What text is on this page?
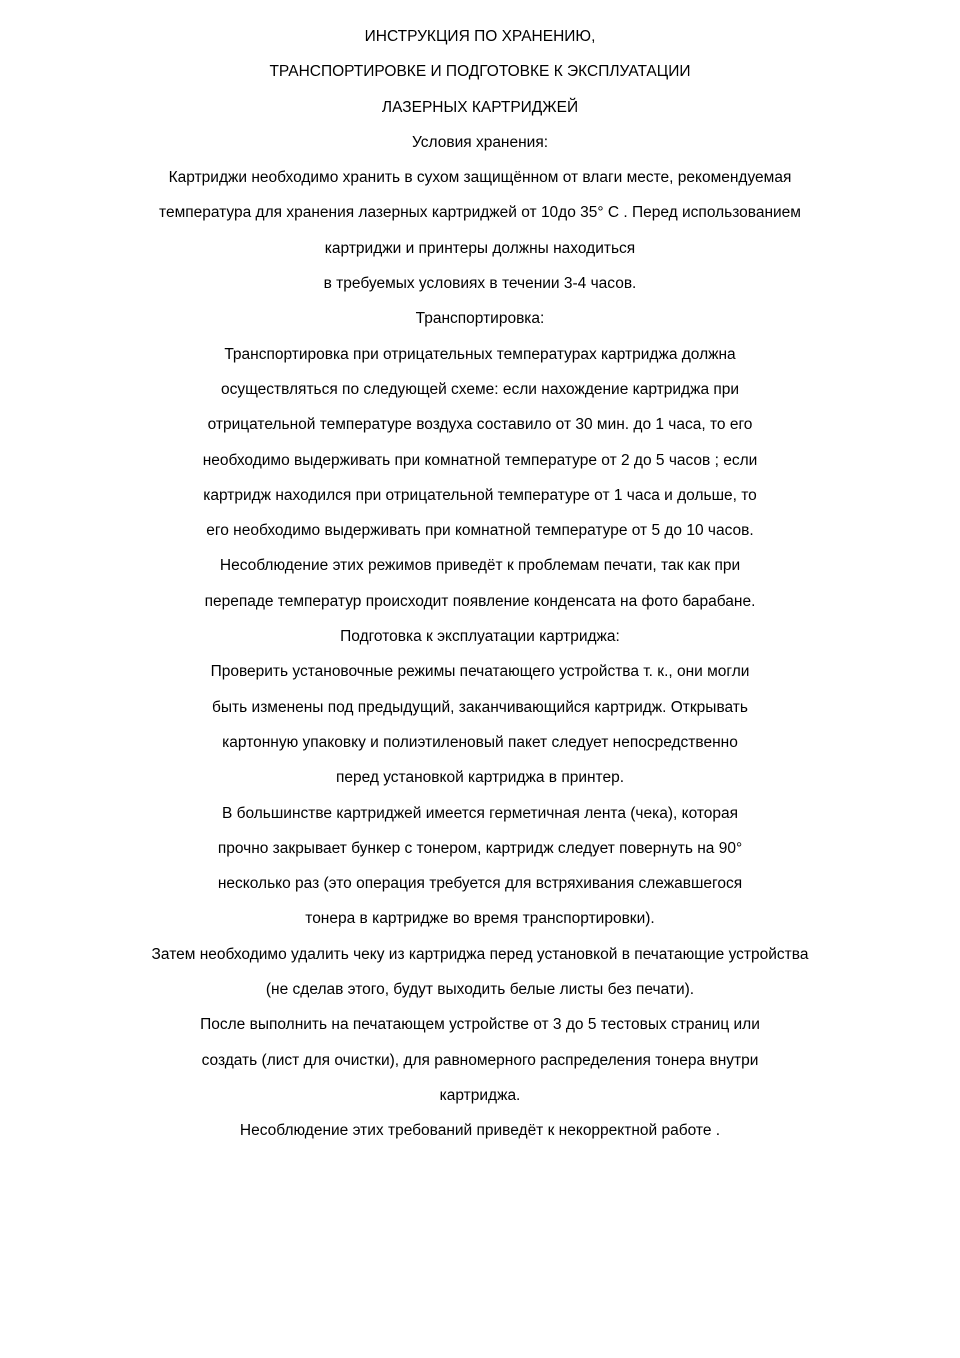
ИНСТРУКЦИЯ ПО ХРАНЕНИЮ,
ТРАНСПОРТИРОВКЕ И ПОДГОТОВКЕ К ЭКСПЛУАТАЦИИ
ЛАЗЕРНЫХ КАРТРИДЖЕЙ
Условия хранения:
Картриджи необходимо хранить в сухом защищённом от влаги месте, рекомендуемая
температура для хранения лазерных картриджей от 10до 35° С . Перед использованием
картриджи и принтеры должны находиться
в требуемых условиях в течении 3-4 часов.
Транспортировка:
Транспортировка при отрицательных температурах картриджа должна
осуществляться по следующей схеме: если нахождение картриджа при
отрицательной температуре воздуха составило от 30 мин. до 1 часа, то его
необходимо выдерживать при комнатной температуре от 2 до 5 часов ; если
картридж находился при отрицательной температуре от 1 часа и дольше, то
его необходимо выдерживать при комнатной температуре от 5 до 10 часов.
Несоблюдение этих режимов приведёт к проблемам печати, так как при
перепаде температур происходит появление конденсата на фото барабане.
Подготовка к эксплуатации картриджа:
Проверить установочные режимы печатающего устройства т. к., они могли
быть изменены под предыдущий, заканчивающийся картридж. Открывать
картонную упаковку и полиэтиленовый пакет следует непосредственно
перед установкой картриджа в принтер.
В большинстве картриджей имеется герметичная лента (чека), которая
прочно закрывает бункер с тонером, картридж следует повернуть на 90°
несколько раз (это операция требуется для встряхивания слежавшегося
тонера в картридже во время транспортировки).
Затем необходимо удалить чеку из картриджа перед установкой в печатающие устройства
(не сделав этого, будут выходить белые листы без печати).
После выполнить на печатающем устройстве от 3 до 5 тестовых страниц или
создать (лист для очистки), для равномерного распределения тонера внутри
картриджа.
Несоблюдение этих требований приведёт к некорректной работе .
